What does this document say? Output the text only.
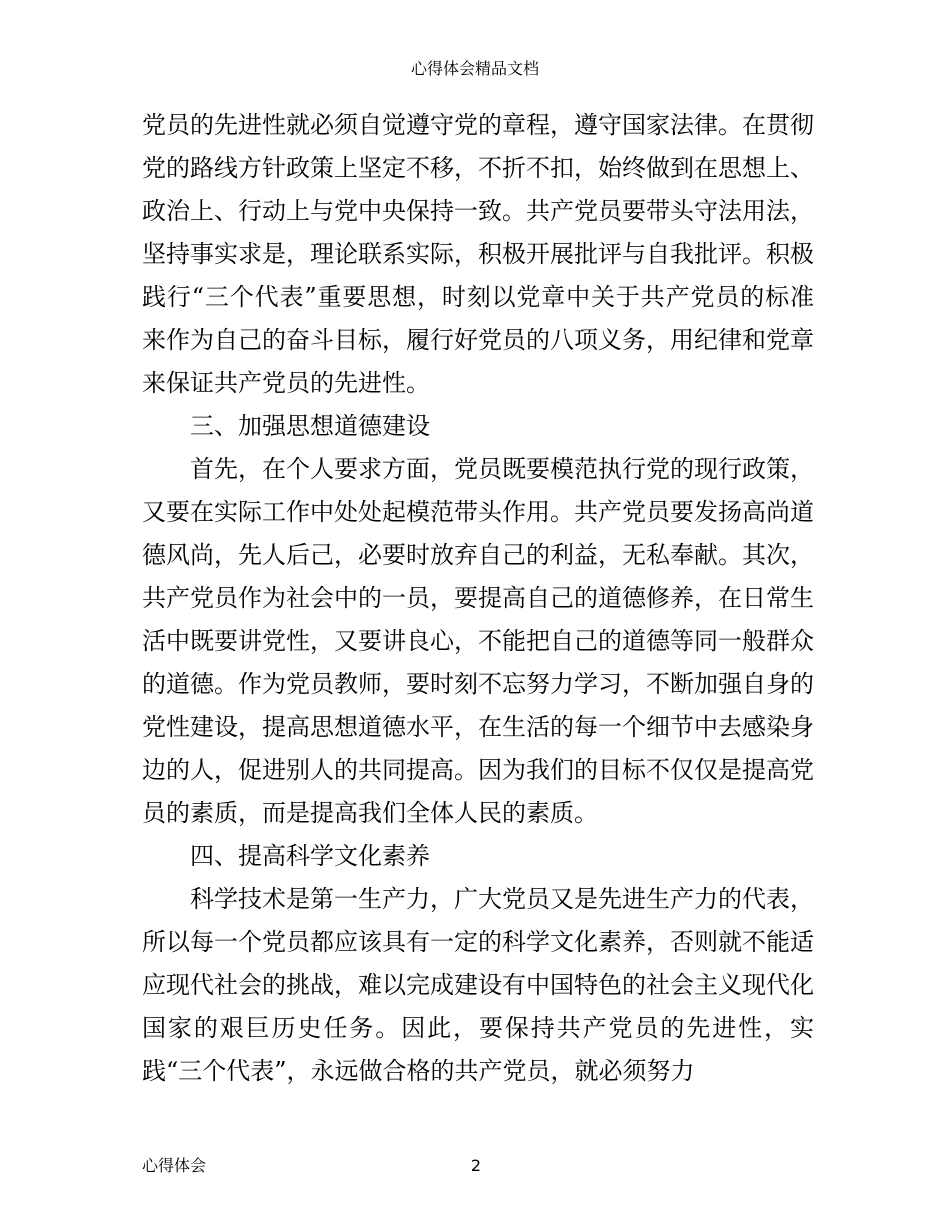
心得体会精品文档

党员的先进性就必须自觉遵守党的章程，遵守国家法律。在贯彻党的路线方针政策上坚定不移，不折不扣，始终做到在思想上、政治上、行动上与党中央保持一致。共产党员要带头守法用法，坚持事实求是，理论联系实际，积极开展批评与自我批评。积极践行“三个代表”重要思想，时刻以党章中关于共产党员的标准来作为自己的奋斗目标，履行好党员的八项义务，用纪律和党章来保证共产党员的先进性。

三、加强思想道德建设

首先，在个人要求方面，党员既要模范执行党的现行政策，又要在实际工作中处处起模范带头作用。共产党员要发扬高尚道德风尚，先人后己，必要时放弃自己的利益，无私奉献。其次，共产党员作为社会中的一员，要提高自己的道德修养，在日常生活中既要讲党性，又要讲良心，不能把自己的道德等同一般群众的道德。作为党员教师，要时刻不忘努力学习，不断加强自身的党性建设，提高思想道德水平，在生活的每一个细节中去感染身边的人，促进别人的共同提高。因为我们的目标不仅仅是提高党员的素质，而是提高我们全体人民的素质。

四、提高科学文化素养

科学技术是第一生产力，广大党员又是先进生产力的代表，所以每一个党员都应该具有一定的科学文化素养，否则就不能适应现代社会的挑战，难以完成建设有中国特色的社会主义现代化国家的艰巨历史任务。因此，要保持共产党员的先进性，实践“三个代表”，永远做合格的共产党员，就必须努力

心得体会	2
